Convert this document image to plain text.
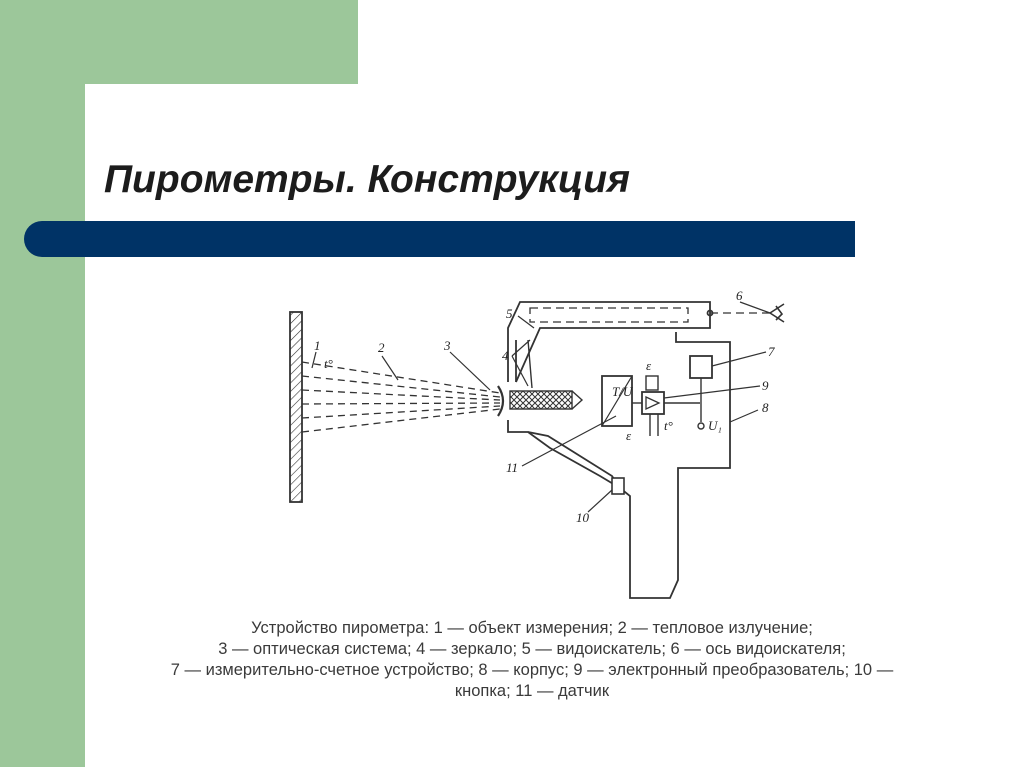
Пирометры. Конструкция
1
t°
2	3
5
4
6
7
9
8
11
10
T/U
ε
ε
t°	U₁
Устройство пирометра: 1 — объект измерения; 2 — тепловое излучение;
3 — оптическая система; 4 — зеркало; 5 — видоискатель; 6 — ось видоискателя;
7 — измерительно-счетное устройство; 8 — корпус; 9 — электронный преобразователь; 10 —
кнопка; 11 — датчик
